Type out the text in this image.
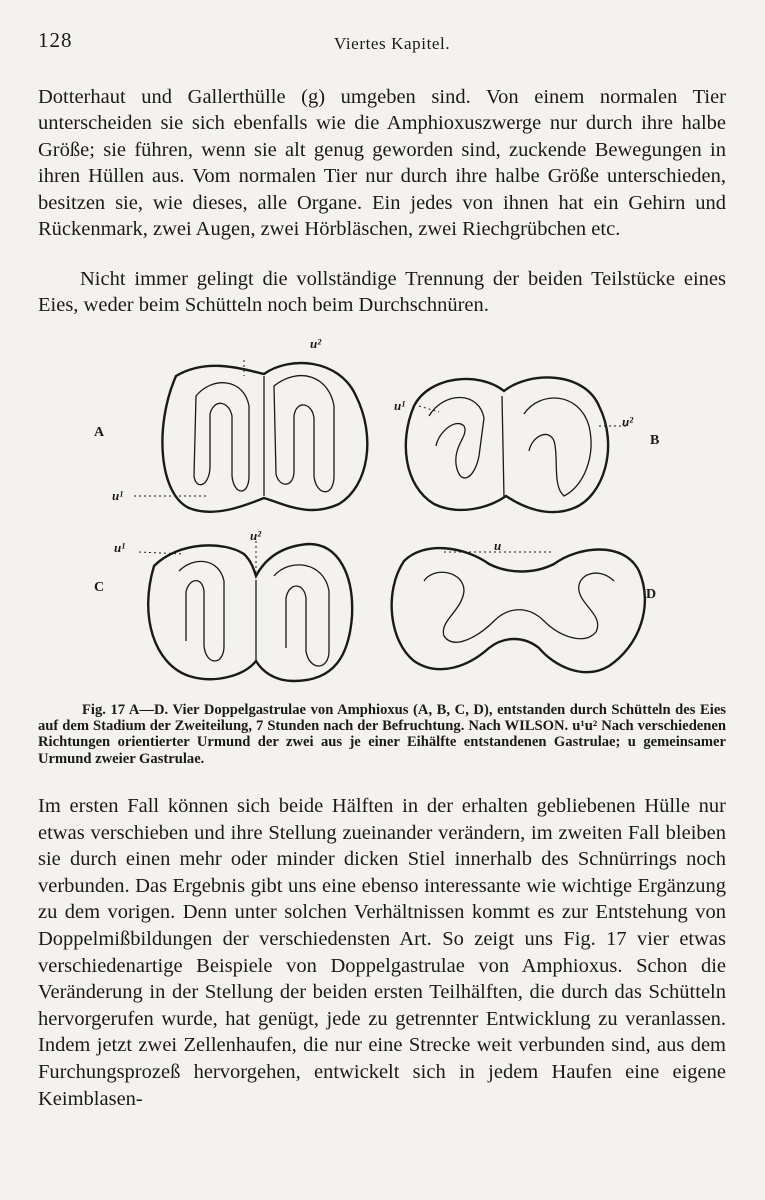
128	Viertes Kapitel.
Dotterhaut und Gallerthülle (g) umgeben sind. Von einem normalen Tier unterscheiden sie sich ebenfalls wie die Amphioxuszwerge nur durch ihre halbe Größe; sie führen, wenn sie alt genug geworden sind, zuckende Bewegungen in ihren Hüllen aus. Vom normalen Tier nur durch ihre halbe Größe unterschieden, besitzen sie, wie dieses, alle Organe. Ein jedes von ihnen hat ein Gehirn und Rückenmark, zwei Augen, zwei Hörbläschen, zwei Riechgrübchen etc.
Nicht immer gelingt die vollständige Trennung der beiden Teilstücke eines Eies, weder beim Schütteln noch beim Durchschnüren.
A
B
C	D
u²
u¹
u¹
u²
u¹
u²
u
Fig. 17 A—D. Vier Doppelgastrulae von Amphioxus (A, B, C, D), entstanden durch Schütteln des Eies auf dem Stadium der Zweiteilung, 7 Stunden nach der Befruchtung. Nach WILSON. u¹u² Nach verschiedenen Richtungen orientierter Urmund der zwei aus je einer Eihälfte entstandenen Gastrulae; u gemeinsamer Urmund zweier Gastrulae.
Im ersten Fall können sich beide Hälften in der erhalten gebliebenen Hülle nur etwas verschieben und ihre Stellung zueinander verändern, im zweiten Fall bleiben sie durch einen mehr oder minder dicken Stiel innerhalb des Schnürrings noch verbunden. Das Ergebnis gibt uns eine ebenso interessante wie wichtige Ergänzung zu dem vorigen. Denn unter solchen Verhältnissen kommt es zur Entstehung von Doppelmißbildungen der verschiedensten Art. So zeigt uns Fig. 17 vier etwas verschiedenartige Beispiele von Doppelgastrulae von Amphioxus. Schon die Veränderung in der Stellung der beiden ersten Teilhälften, die durch das Schütteln hervorgerufen wurde, hat genügt, jede zu getrennter Entwicklung zu veranlassen. Indem jetzt zwei Zellenhaufen, die nur eine Strecke weit verbunden sind, aus dem Furchungsprozeß hervorgehen, entwickelt sich in jedem Haufen eine eigene Keimblasen-
